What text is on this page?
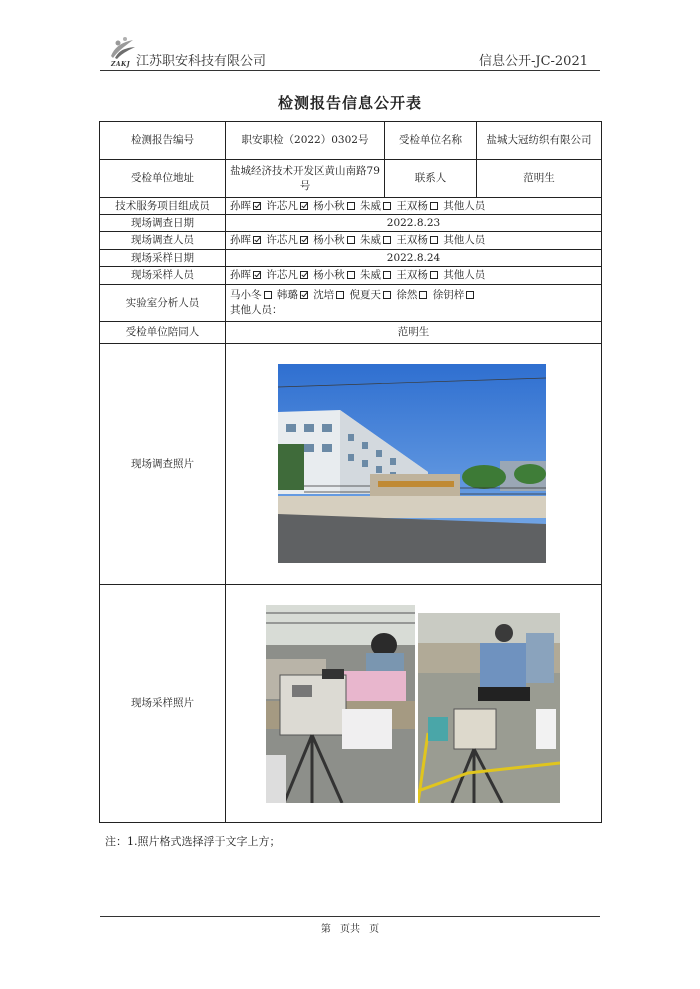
ZAKJ 江苏职安科技有限公司	信息公开-JC-2021
检测报告信息公开表
检测报告编号	职安职检（2022）0302号	受检单位名称	盐城大冠纺织有限公司
受检单位地址	盐城经济技术开发区黄山南路79号	联系人	范明生
技术服务项目组成员	孙晖 许芯凡 杨小秋 朱威 王双杨 其他人员		
现场调查日期	2022.8.23		
现场调查人员	孙晖 许芯凡 杨小秋 朱威 王双杨 其他人员		
现场采样日期	2022.8.24		
现场采样人员	孙晖 许芯凡 杨小秋 朱威 王双杨 其他人员		
实验室分析人员	马小冬 韩璐 沈培 倪夏天 徐然 徐钥梓
其他人员：		

受检单位陪同人	范明生		
现场调查照片	

现场采样照片	
注：1.照片格式选择浮于文字上方；
第 页共 页
